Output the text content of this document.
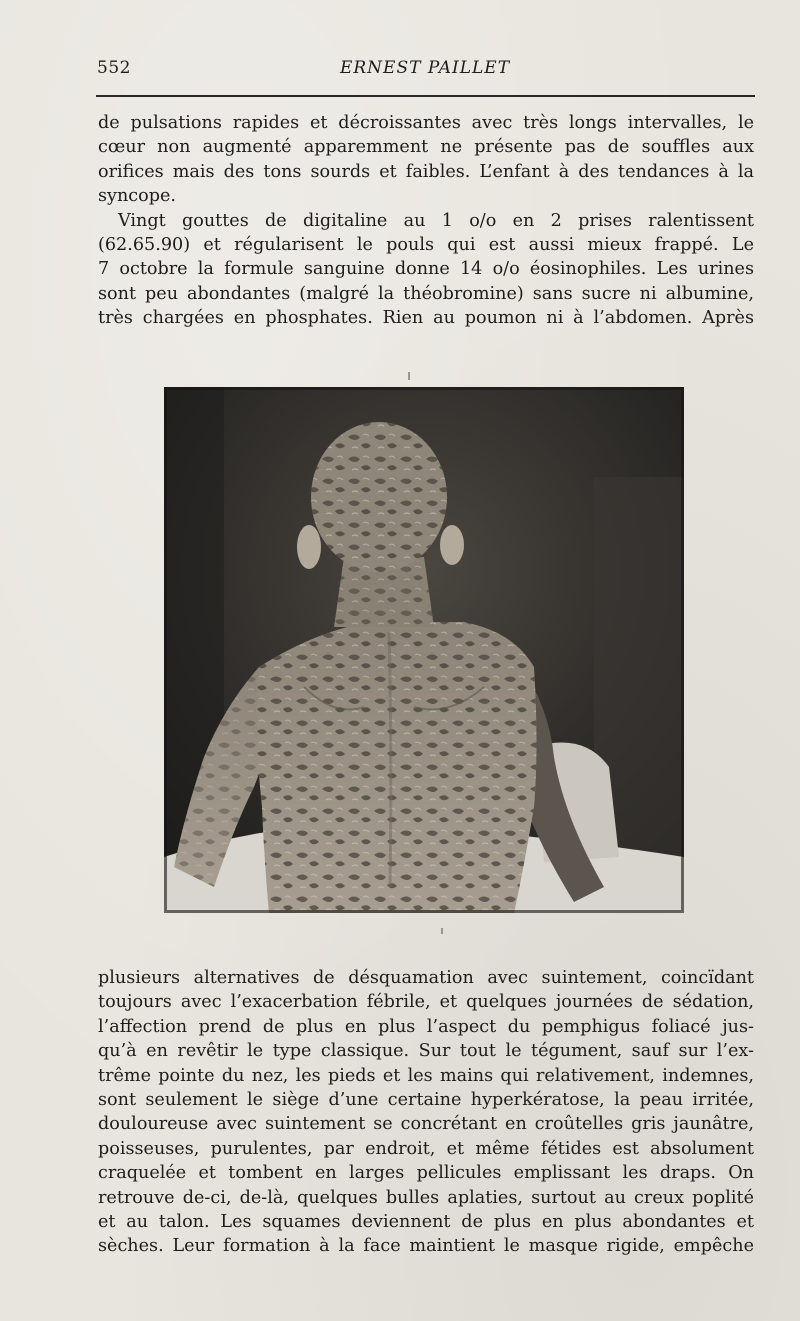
552	ERNEST PAILLET

de pulsations rapides et décroissantes avec très longs intervalles, le
cœur non augmenté apparemment ne présente pas de souffles aux
orifices mais des tons sourds et faibles. L’enfant à des tendances à la
syncope.
Vingt gouttes de digitaline au 1 o/o en 2 prises ralentissent
(62.65.90) et régularisent le pouls qui est aussi mieux frappé. Le
7 octobre la formule sanguine donne 14 o/o éosinophiles. Les urines
sont peu abondantes (malgré la théobromine) sans sucre ni albumine,
très chargées en phosphates. Rien au poumon ni à l’abdomen. Après

plusieurs alternatives de désquamation avec suintement, coincïdant
toujours avec l’exacerbation fébrile, et quelques journées de sédation,
l’affection prend de plus en plus l’aspect du pemphigus foliacé jus-
qu’à en revêtir le type classique. Sur tout le tégument, sauf sur l’ex-
trême pointe du nez, les pieds et les mains qui relativement, indemnes,
sont seulement le siège d’une certaine hyperkératose, la peau irritée,
douloureuse avec suintement se concrétant en croûtelles gris jaunâtre,
poisseuses, purulentes, par endroit, et même fétides est absolument
craquelée et tombent en larges pellicules emplissant les draps. On
retrouve de-ci, de-là, quelques bulles aplaties, surtout au creux poplité
et au talon. Les squames deviennent de plus en plus abondantes et
sèches. Leur formation à la face maintient le masque rigide, empêche
